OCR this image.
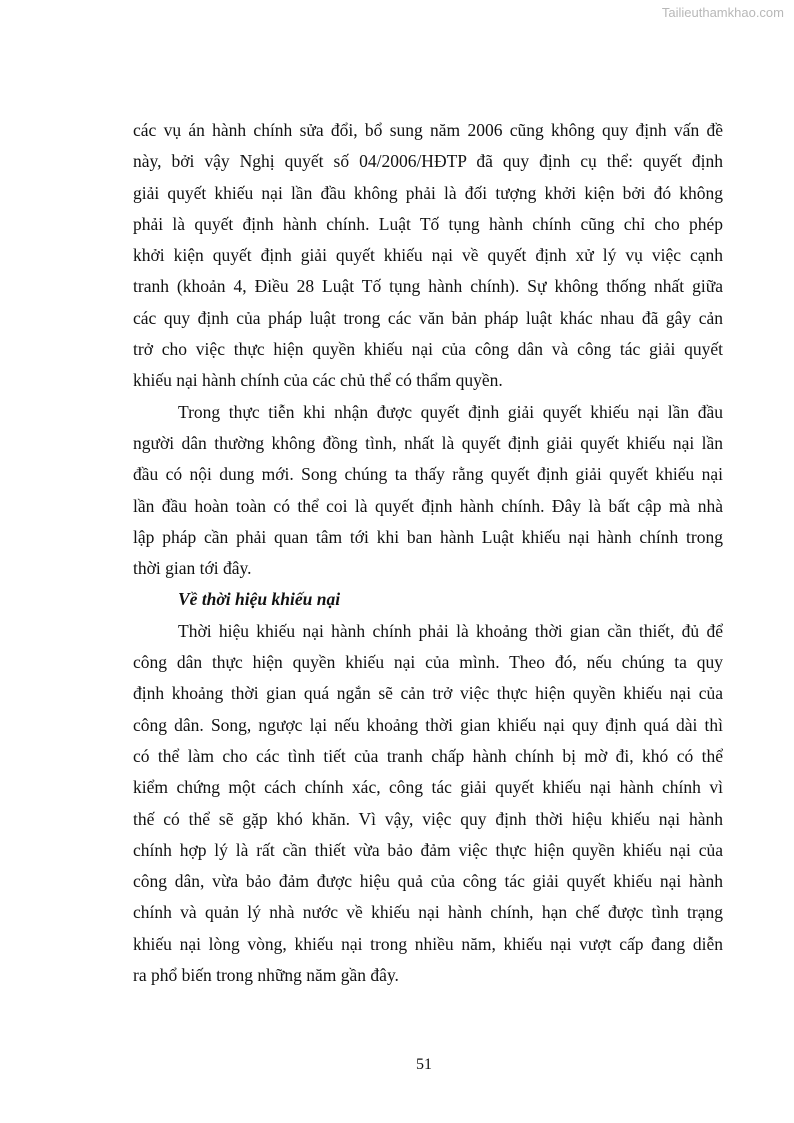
Tailieuthamkhao.com
các vụ án hành chính sửa đổi, bổ sung năm 2006 cũng không quy định vấn đề
này, bởi vậy Nghị quyết số 04/2006/HĐTP đã quy định cụ thể: quyết định
giải quyết khiếu nại lần đầu không phải là đối tượng khởi kiện bởi đó không
phải là quyết định hành chính. Luật Tố tụng hành chính cũng chỉ cho phép
khởi kiện quyết định giải quyết khiếu nại về quyết định xử lý vụ việc cạnh
tranh (khoản 4, Điều 28 Luật Tố tụng hành chính). Sự không thống nhất giữa
các quy định của pháp luật trong các văn bản pháp luật khác nhau đã gây cản
trở cho việc thực hiện quyền khiếu nại của công dân và công tác giải quyết
khiếu nại hành chính của các chủ thể có thẩm quyền.
Trong thực tiễn khi nhận được quyết định giải quyết khiếu nại lần đầu
người dân thường không đồng tình, nhất là quyết định giải quyết khiếu nại lần
đầu có nội dung mới. Song chúng ta thấy rằng quyết định giải quyết khiếu nại
lần đầu hoàn toàn có thể coi là quyết định hành chính. Đây là bất cập mà nhà
lập pháp cần phải quan tâm tới khi ban hành Luật khiếu nại hành chính trong
thời gian tới đây.
Về thời hiệu khiếu nại
Thời hiệu khiếu nại hành chính phải là khoảng thời gian cần thiết, đủ để
công dân thực hiện quyền khiếu nại của mình. Theo đó, nếu chúng ta quy
định khoảng thời gian quá ngắn sẽ cản trở việc thực hiện quyền khiếu nại của
công dân. Song, ngược lại nếu khoảng thời gian khiếu nại quy định quá dài thì
có thể làm cho các tình tiết của tranh chấp hành chính bị mờ đi, khó có thể
kiểm chứng một cách chính xác, công tác giải quyết khiếu nại hành chính vì
thế có thể sẽ gặp khó khăn. Vì vậy, việc quy định thời hiệu khiếu nại hành
chính hợp lý là rất cần thiết vừa bảo đảm việc thực hiện quyền khiếu nại của
công dân, vừa bảo đảm được hiệu quả của công tác giải quyết khiếu nại hành
chính và quản lý nhà nước về khiếu nại hành chính, hạn chế được tình trạng
khiếu nại lòng vòng, khiếu nại trong nhiều năm, khiếu nại vượt cấp đang diễn
ra phổ biến trong những năm gần đây.
51
